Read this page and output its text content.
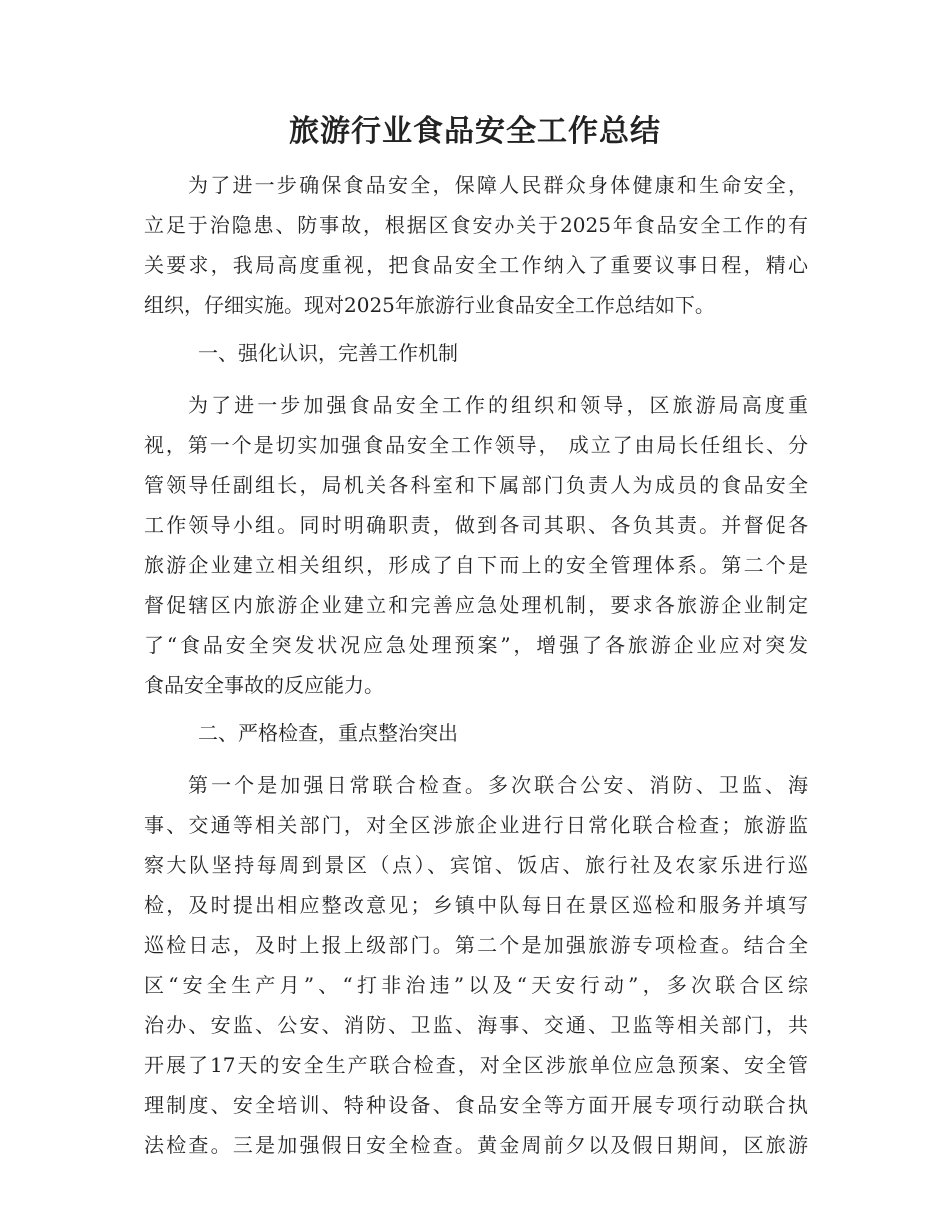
旅游行业食品安全工作总结

为了进一步确保食品安全，保障人民群众身体健康和生命安全，

立足于治隐患、防事故，根据区食安办关于2025年食品安全工作的有

关要求，我局高度重视，把食品安全工作纳入了重要议事日程，精心

组织，仔细实施。现对2025年旅游行业食品安全工作总结如下。

一、强化认识，完善工作机制

为了进一步加强食品安全工作的组织和领导，区旅游局高度重

视，第一个是切实加强食品安全工作领导， 成立了由局长任组长、分

管领导任副组长，局机关各科室和下属部门负责人为成员的食品安全

工作领导小组。同时明确职责，做到各司其职、各负其责。并督促各

旅游企业建立相关组织，形成了自下而上的安全管理体系。第二个是

督促辖区内旅游企业建立和完善应急处理机制，要求各旅游企业制定

了“食品安全突发状况应急处理预案”，增强了各旅游企业应对突发

食品安全事故的反应能力。

二、严格检查，重点整治突出

第一个是加强日常联合检查。多次联合公安、消防、卫监、海

事、交通等相关部门，对全区涉旅企业进行日常化联合检查；旅游监

察大队坚持每周到景区（点）、宾馆、饭店、旅行社及农家乐进行巡

检，及时提出相应整改意见；乡镇中队每日在景区巡检和服务并填写

巡检日志，及时上报上级部门。第二个是加强旅游专项检查。结合全

区“安全生产月”、“打非治违”以及“天安行动”，多次联合区综

治办、安监、公安、消防、卫监、海事、交通、卫监等相关部门，共

开展了17天的安全生产联合检查，对全区涉旅单位应急预案、安全管

理制度、安全培训、特种设备、食品安全等方面开展专项行动联合执

法检查。三是加强假日安全检查。黄金周前夕以及假日期间，区旅游
